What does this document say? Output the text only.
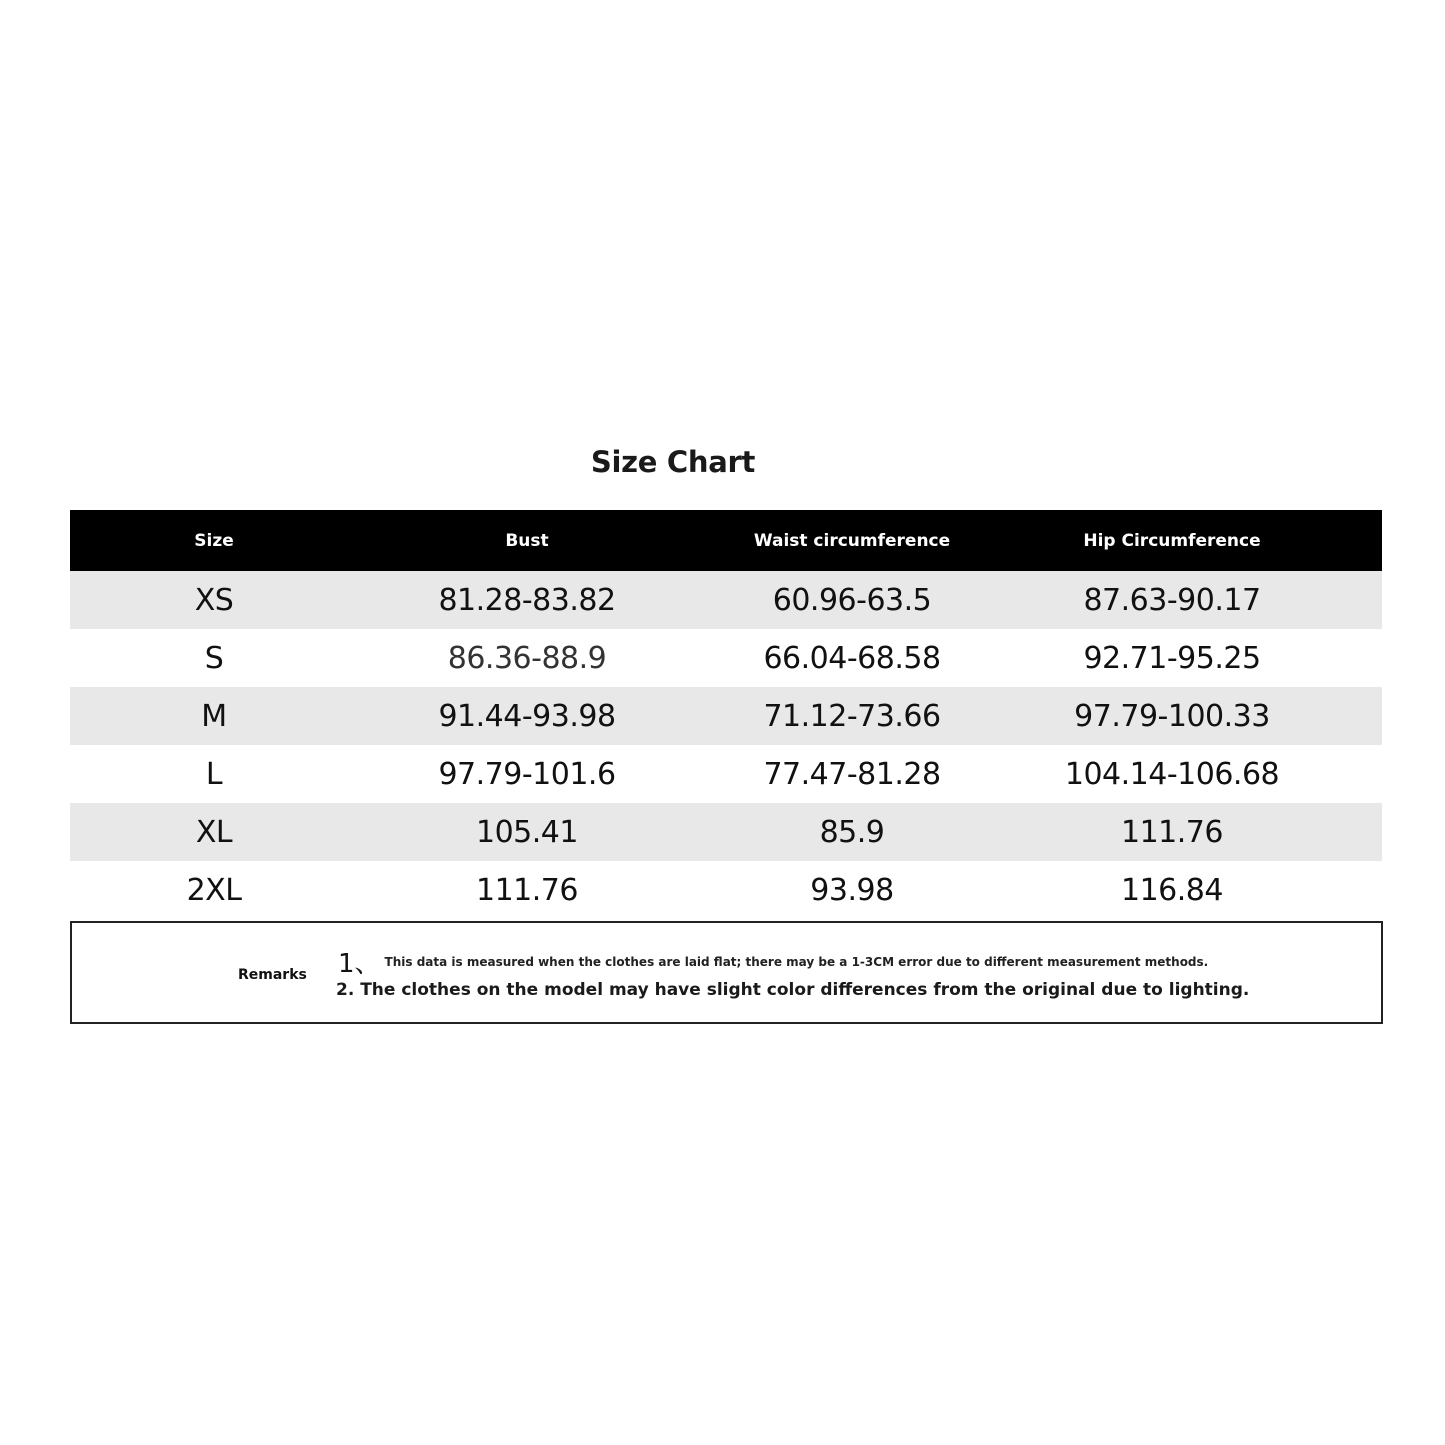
Size Chart
Size	Bust	Waist circumference	Hip Circumference
XS	81.28-83.82	60.96-63.5	87.63-90.17
S	86.36-88.9	66.04-68.58	92.71-95.25
M	91.44-93.98	71.12-73.66	97.79-100.33
L	97.79-101.6	77.47-81.28	104.14-106.68
XL	105.41	85.9	111.76
2XL	111.76	93.98	116.84
Remarks 1、 This data is measured when the clothes are laid flat; there may be a 1-3CM error due to different measurement methods.
2. The clothes on the model may have slight color differences from the original due to lighting.
